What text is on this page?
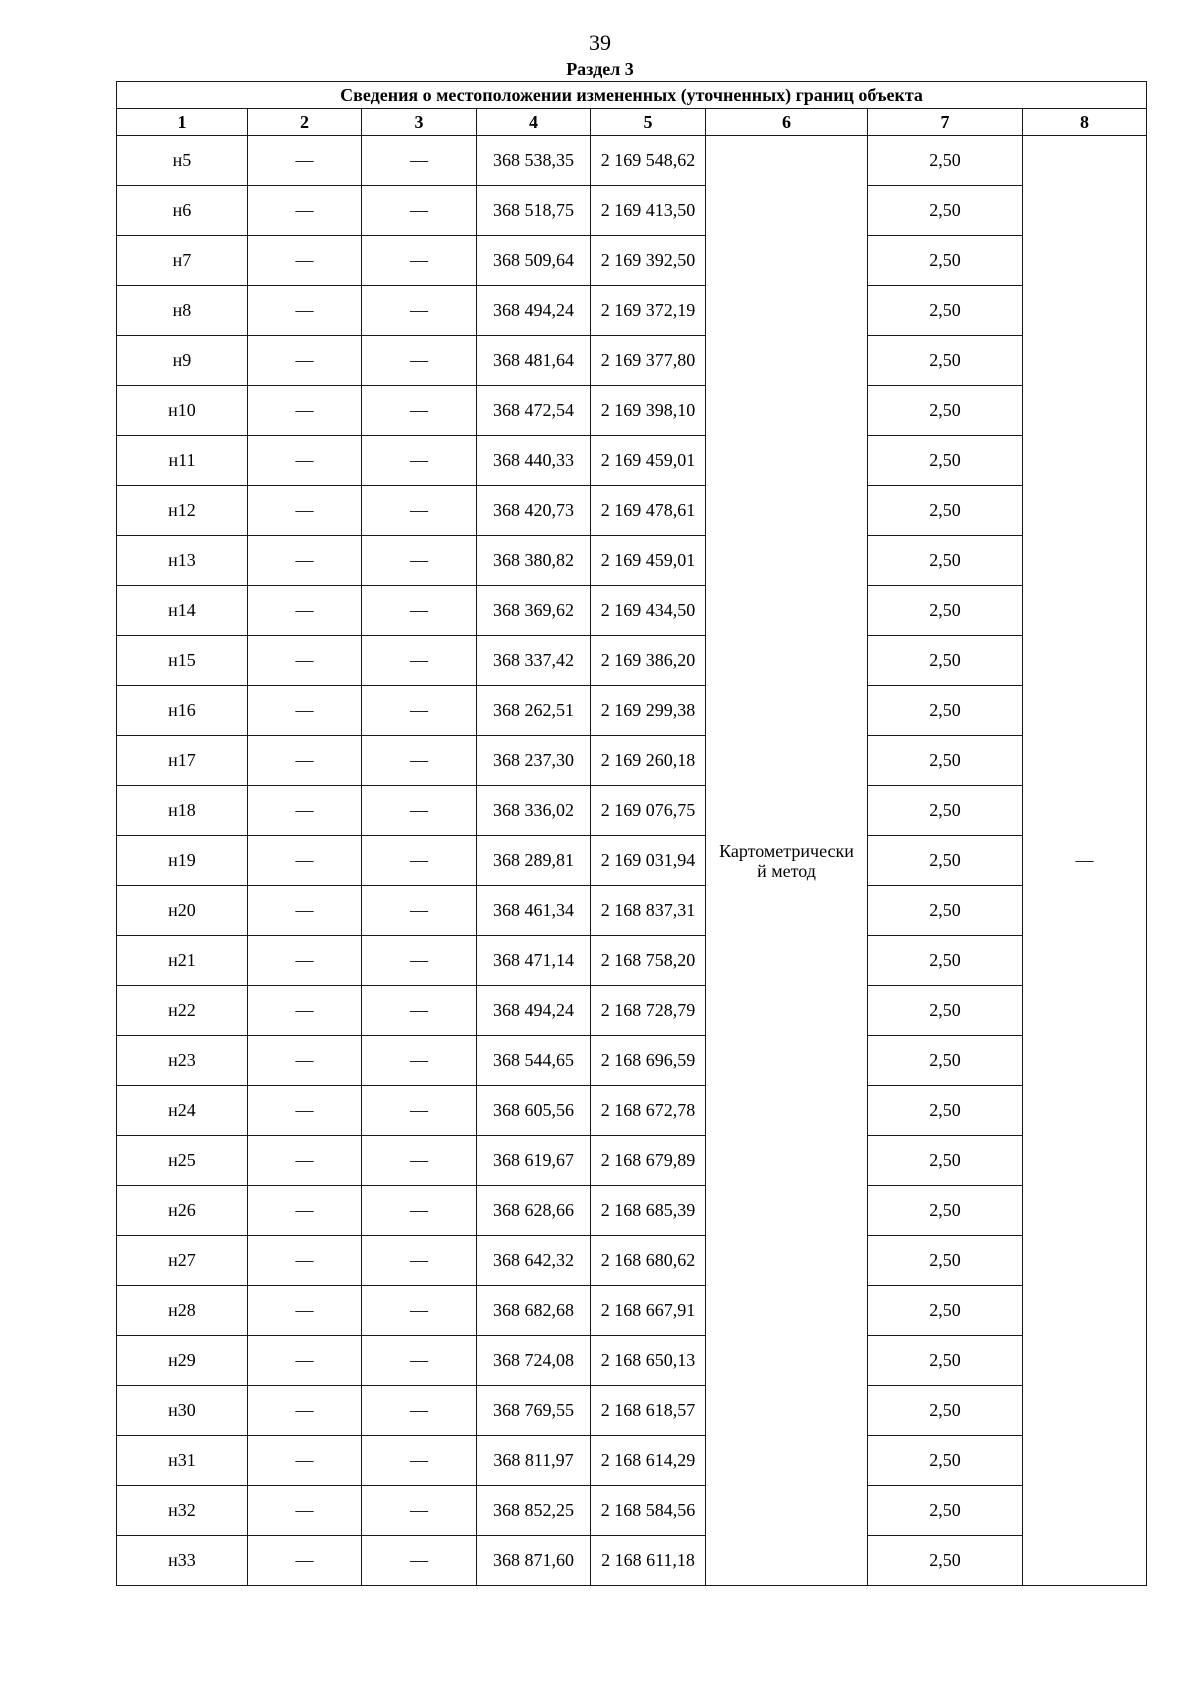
39
Раздел 3
Сведения о местоположении измененных (уточненных) границ объекта							
1	2	3	4	5	6	7	8
н5	—	—	368 538,35	2 169 548,62	Картометрически
й метод	2,50	—
н6	—	—	368 518,75	2 169 413,50		2,50	
н7	—	—	368 509,64	2 169 392,50		2,50	
н8	—	—	368 494,24	2 169 372,19		2,50	
н9	—	—	368 481,64	2 169 377,80		2,50	
н10	—	—	368 472,54	2 169 398,10		2,50	
н11	—	—	368 440,33	2 169 459,01		2,50	
н12	—	—	368 420,73	2 169 478,61		2,50	
н13	—	—	368 380,82	2 169 459,01		2,50	
н14	—	—	368 369,62	2 169 434,50		2,50	
н15	—	—	368 337,42	2 169 386,20		2,50	
н16	—	—	368 262,51	2 169 299,38		2,50	
н17	—	—	368 237,30	2 169 260,18		2,50	
н18	—	—	368 336,02	2 169 076,75		2,50	
н19	—	—	368 289,81	2 169 031,94		2,50	
н20	—	—	368 461,34	2 168 837,31		2,50	
н21	—	—	368 471,14	2 168 758,20		2,50	
н22	—	—	368 494,24	2 168 728,79		2,50	
н23	—	—	368 544,65	2 168 696,59		2,50	
н24	—	—	368 605,56	2 168 672,78		2,50	
н25	—	—	368 619,67	2 168 679,89		2,50	
н26	—	—	368 628,66	2 168 685,39		2,50	
н27	—	—	368 642,32	2 168 680,62		2,50	
н28	—	—	368 682,68	2 168 667,91		2,50	
н29	—	—	368 724,08	2 168 650,13		2,50	
н30	—	—	368 769,55	2 168 618,57		2,50	
н31	—	—	368 811,97	2 168 614,29		2,50	
н32	—	—	368 852,25	2 168 584,56		2,50	
н33	—	—	368 871,60	2 168 611,18		2,50	
